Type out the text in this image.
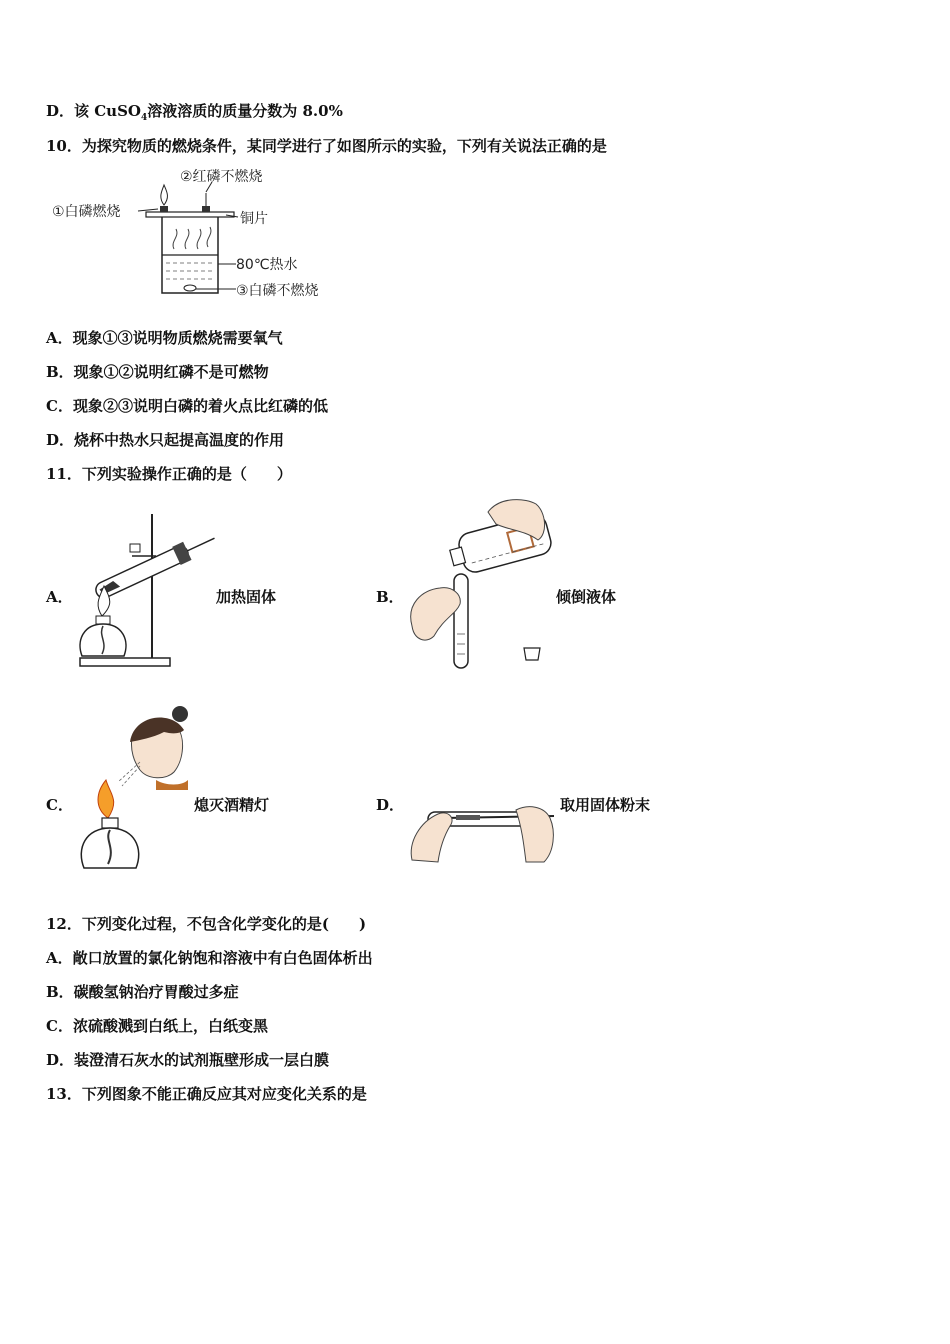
D．该 CuSO$_4$溶液溶质的质量分数为 8.0%
10．为探究物质的燃烧条件，某同学进行了如图所示的实验，下列有关说法正确的是
①白磷燃烧
②红磷不燃烧
铜片
80℃热水
③白磷不燃烧
A．现象①③说明物质燃烧需要氧气
B．现象①②说明红磷不是可燃物
C．现象②③说明白磷的着火点比红磷的低
D．烧杯中热水只起提高温度的作用
11．下列实验操作正确的是（　　）
A．	加热固体	B．	倾倒液体
C．	熄灭酒精灯	D．	取用固体粉末
12．下列变化过程，不包含化学变化的是(　　)
A．敞口放置的氯化钠饱和溶液中有白色固体析出
B．碳酸氢钠治疗胃酸过多症
C．浓硫酸溅到白纸上，白纸变黑
D．装澄清石灰水的试剂瓶壁形成一层白膜
13．下列图象不能正确反应其对应变化关系的是
